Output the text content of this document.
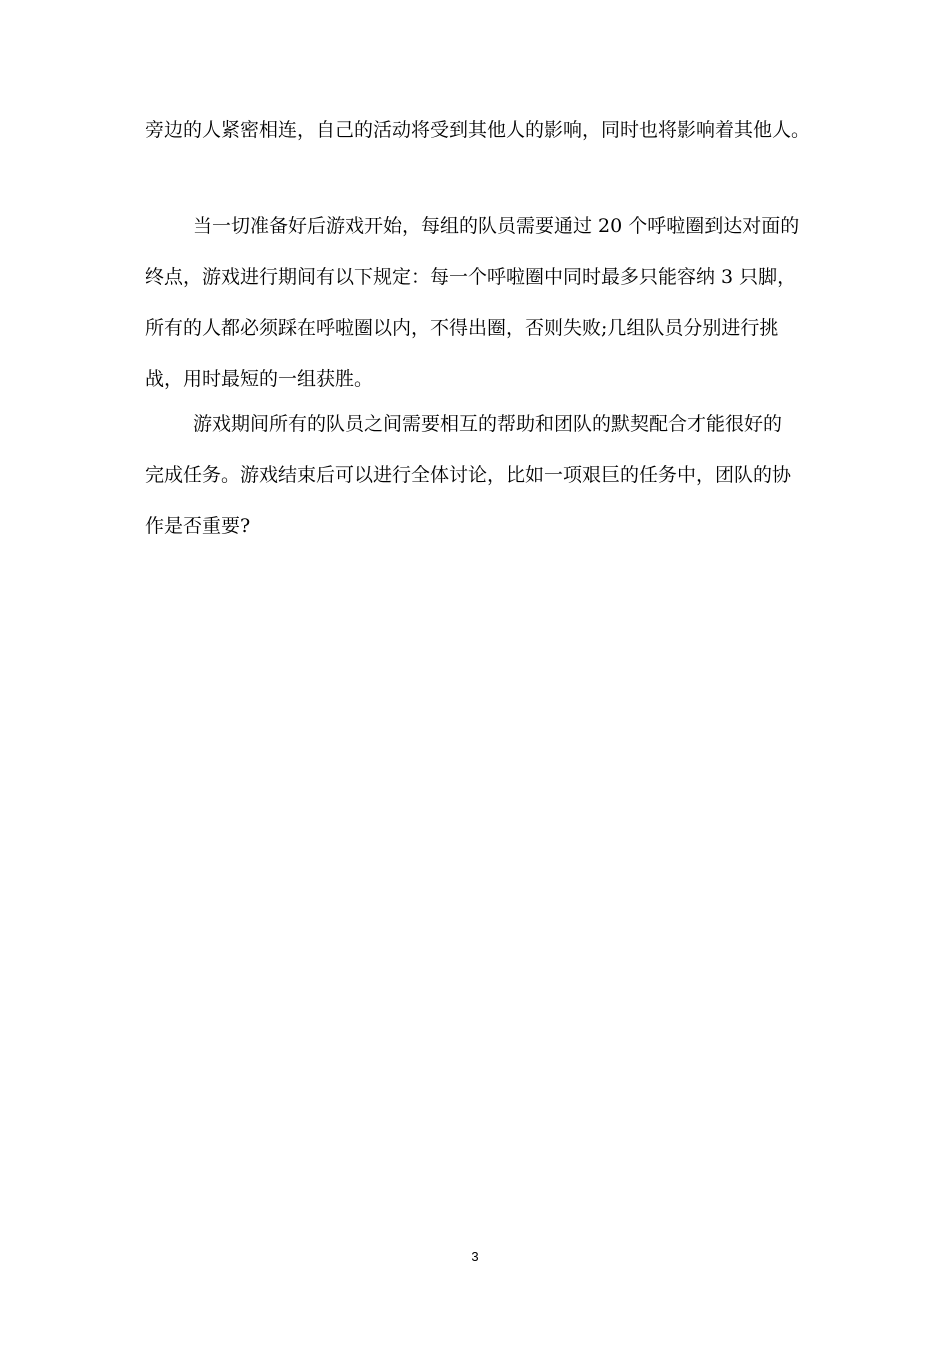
旁边的人紧密相连，自己的活动将受到其他人的影响，同时也将影响着其他人。
当一切准备好后游戏开始，每组的队员需要通过 20 个呼啦圈到达对面的
终点，游戏进行期间有以下规定：每一个呼啦圈中同时最多只能容纳 3 只脚，
所有的人都必须踩在呼啦圈以内，不得出圈，否则失败;几组队员分别进行挑
战，用时最短的一组获胜。
游戏期间所有的队员之间需要相互的帮助和团队的默契配合才能很好的
完成任务。游戏结束后可以进行全体讨论，比如一项艰巨的任务中，团队的协
作是否重要?
3
